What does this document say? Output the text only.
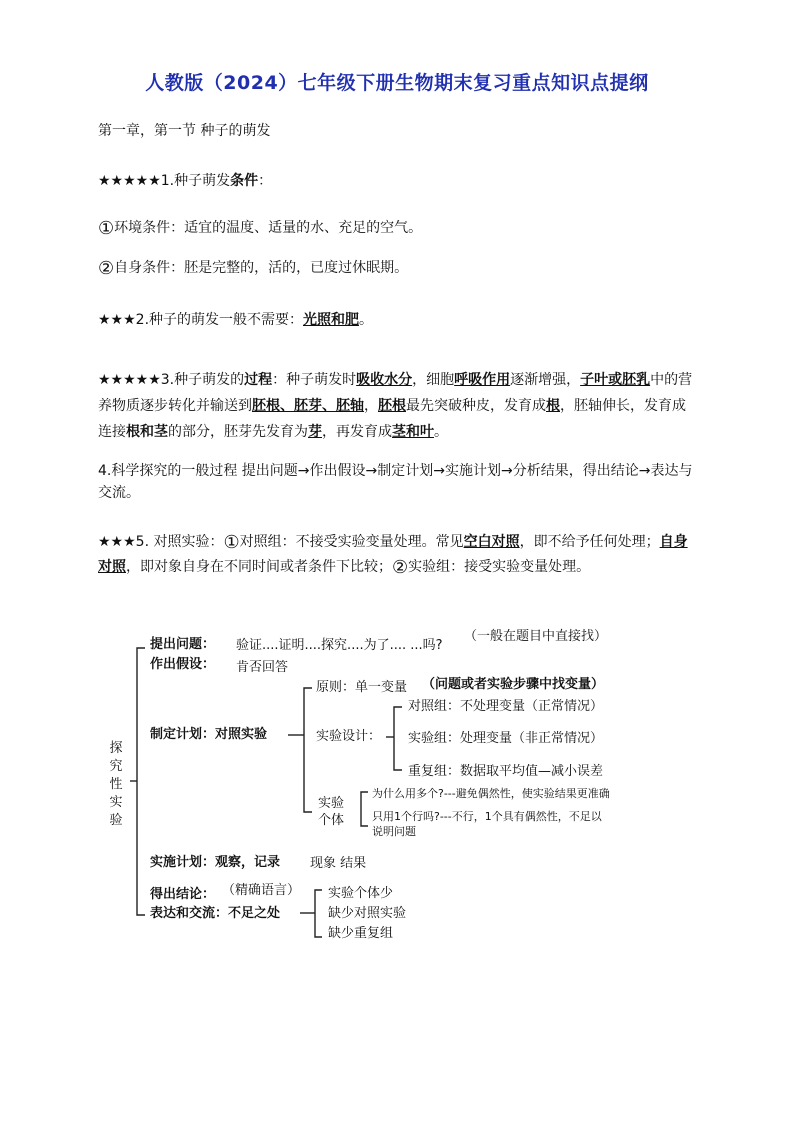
人教版（2024）七年级下册生物期末复习重点知识点提纲
第一章，第一节 种子的萌发
★★★★★1.种子萌发条件：
①环境条件：适宜的温度、适量的水、充足的空气。
②自身条件：胚是完整的，活的，已度过休眠期。
★★★2.种子的萌发一般不需要：光照和肥。
★★★★★3.种子萌发的过程：种子萌发时吸收水分，细胞呼吸作用逐渐增强，子叶或胚乳中的营养物质逐步转化并输送到胚根、胚芽、胚轴，胚根最先突破种皮，发育成根，胚轴伸长，发育成连接根和茎的部分，胚芽先发育为芽，再发育成茎和叶。
4.科学探究的一般过程 提出问题→作出假设→制定计划→实施计划→分析结果，得出结论→表达与交流。
★★★5. 对照实验：①对照组：不接受实验变量处理。常见空白对照，即不给予任何处理；自身对照，即对象自身在不同时间或者条件下比较；②实验组：接受实验变量处理。
探究性实验
提出问题： 验证....证明....探究....为了.... ...吗?
（一般在题目中直接找）
作出假设： 肯否回答
制定计划：对照实验
原则：单一变量 （问题或者实验步骤中找变量）
实验设计：
对照组：不处理变量（正常情况）
实验组：处理变量（非正常情况）
重复组：数据取平均值—减小误差
实验个体
为什么用多个?---避免偶然性，使实验结果更准确
只用1个行吗?---不行，1个具有偶然性，不足以
说明问题
实施计划：观察，记录 现象 结果
得出结论： （精确语言）
表达和交流：不足之处
实验个体少
缺少对照实验
缺少重复组
